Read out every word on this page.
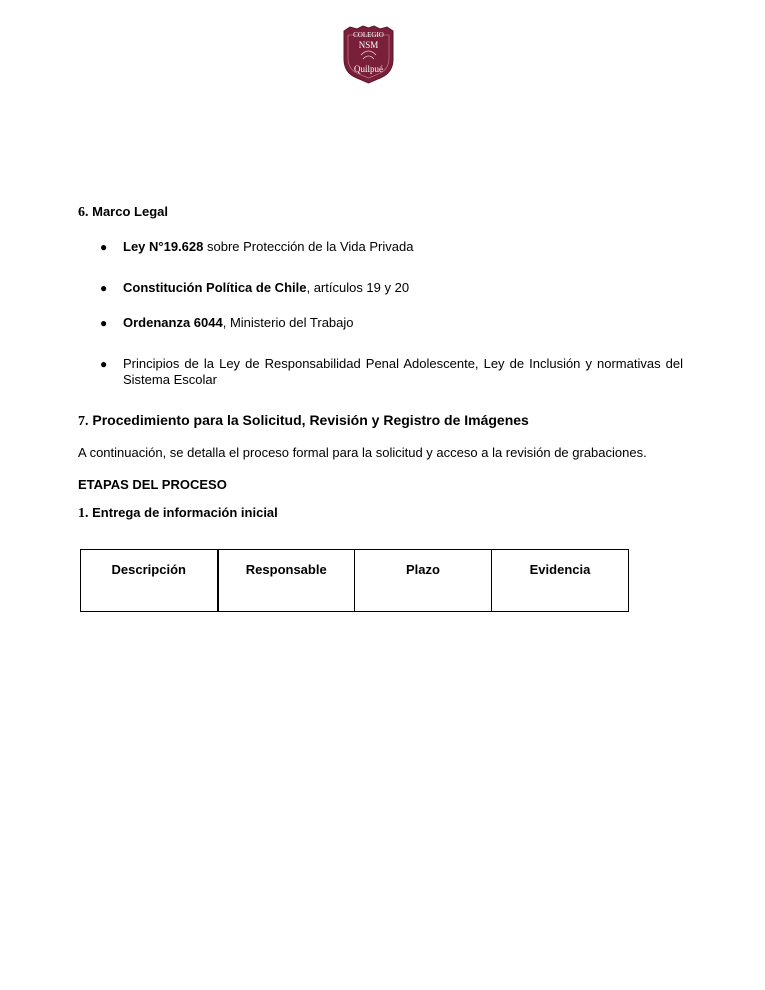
COLEGIO
NSM
Quilpué
6. Marco Legal
● Ley N°19.628 sobre Protección de la Vida Privada
● Constitución Política de Chile, artículos 19 y 20
● Ordenanza 6044, Ministerio del Trabajo
● Principios de la Ley de Responsabilidad Penal Adolescente, Ley de Inclusión y normativas del Sistema Escolar
7. Procedimiento para la Solicitud, Revisión y Registro de Imágenes
A continuación, se detalla el proceso formal para la solicitud y acceso a la revisión de grabaciones.
ETAPAS DEL PROCESO
1. Entrega de información inicial
Descripción	Responsable	Plazo	Evidencia
